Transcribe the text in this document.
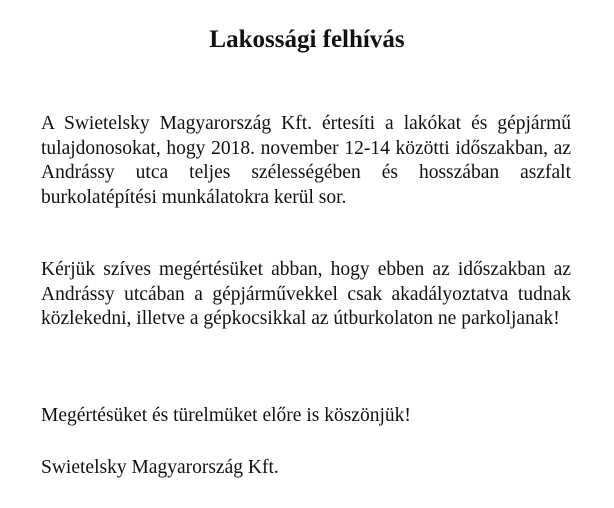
Lakossági felhívás

A Swietelsky Magyarország Kft. értesíti a lakókat és gépjármű tulajdonosokat, hogy 2018. november 12-14 közötti időszakban, az Andrássy utca teljes szélességében és hosszában aszfalt burkolatépítési munkálatokra kerül sor.

Kérjük szíves megértésüket abban, hogy ebben az időszakban az Andrássy utcában a gépjárművekkel csak akadályoztatva tudnak közlekedni, illetve a gépkocsikkal az útburkolaton ne parkoljanak!

Megértésüket és türelmüket előre is köszönjük!

Swietelsky Magyarország Kft.
